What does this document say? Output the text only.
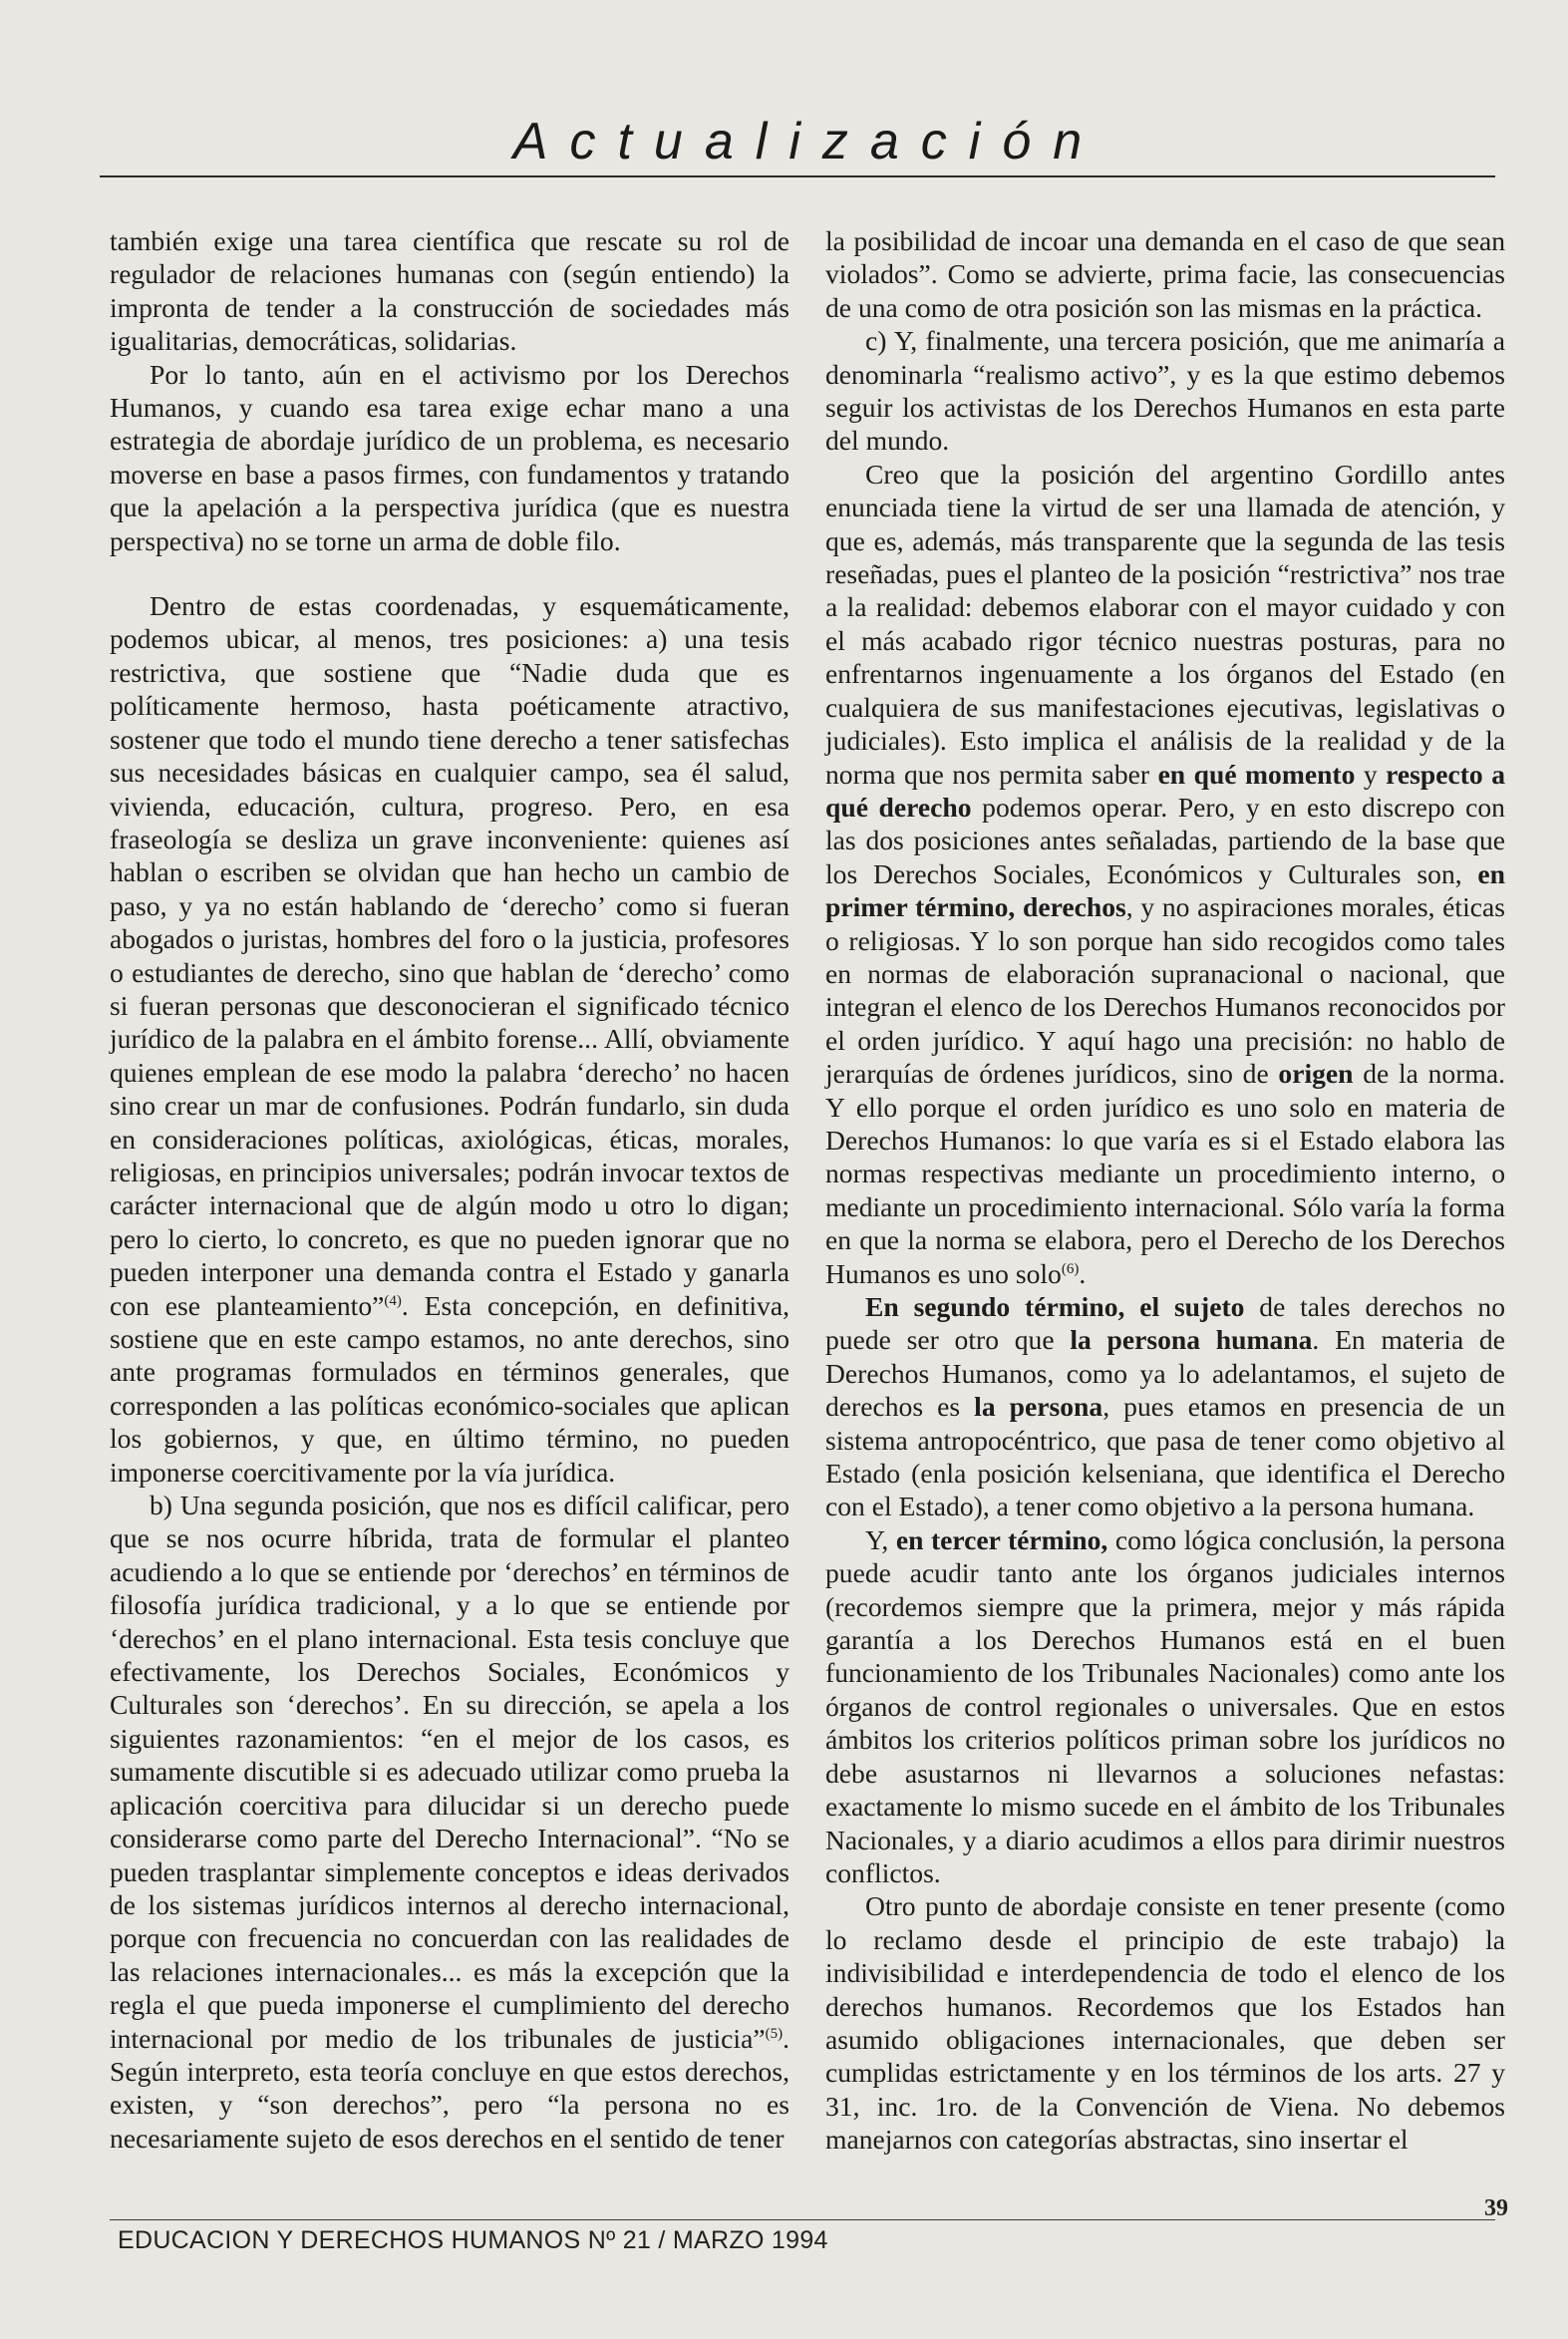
Actualización

también exige una tarea científica que rescate su rol de regulador de relaciones humanas con (según entiendo) la impronta de tender a la construcción de sociedades más igualitarias, democráticas, solidarias.

Por lo tanto, aún en el activismo por los Derechos Humanos, y cuando esa tarea exige echar mano a una estrategia de abordaje jurídico de un problema, es necesario moverse en base a pasos firmes, con fundamentos y tratando que la apelación a la perspectiva jurídica (que es nuestra perspectiva) no se torne un arma de doble filo.

Dentro de estas coordenadas, y esquemáticamente, podemos ubicar, al menos, tres posiciones: a) una tesis restrictiva, que sostiene que “Nadie duda que es políticamente hermoso, hasta poéticamente atractivo, sostener que todo el mundo tiene derecho a tener satisfechas sus necesidades básicas en cualquier campo, sea él salud, vivienda, educación, cultura, progreso. Pero, en esa fraseología se desliza un grave inconveniente: quienes así hablan o escriben se olvidan que han hecho un cambio de paso, y ya no están hablando de ‘derecho’ como si fueran abogados o juristas, hombres del foro o la justicia, profesores o estudiantes de derecho, sino que hablan de ‘derecho’ como si fueran personas que desconocieran el significado técnico jurídico de la palabra en el ámbito forense... Allí, obviamente quienes emplean de ese modo la palabra ‘derecho’ no hacen sino crear un mar de confusiones. Podrán fundarlo, sin duda en consideraciones políticas, axiológicas, éticas, morales, religiosas, en principios universales; podrán invocar textos de carácter internacional que de algún modo u otro lo digan; pero lo cierto, lo concreto, es que no pueden ignorar que no pueden interponer una demanda contra el Estado y ganarla con ese planteamiento”$^{(4)}$. Esta concepción, en definitiva, sostiene que en este campo estamos, no ante derechos, sino ante programas formulados en términos generales, que corresponden a las políticas económico-sociales que aplican los gobiernos, y que, en último término, no pueden imponerse coercitivamente por la vía jurídica.

b) Una segunda posición, que nos es difícil calificar, pero que se nos ocurre híbrida, trata de formular el planteo acudiendo a lo que se entiende por ‘derechos’ en términos de filosofía jurídica tradicional, y a lo que se entiende por ‘derechos’ en el plano internacional. Esta tesis concluye que efectivamente, los Derechos Sociales, Económicos y Culturales son ‘derechos’. En su dirección, se apela a los siguientes razonamientos: “en el mejor de los casos, es sumamente discutible si es adecuado utilizar como prueba la aplicación coercitiva para dilucidar si un derecho puede considerarse como parte del Derecho Internacional”. “No se pueden trasplantar simplemente conceptos e ideas derivados de los sistemas jurídicos internos al derecho internacional, porque con frecuencia no concuerdan con las realidades de las relaciones internacionales... es más la excepción que la regla el que pueda imponerse el cumplimiento del derecho internacional por medio de los tribunales de justicia”$^{(5)}$. Según interpreto, esta teoría concluye en que estos derechos, existen, y “son derechos”, pero “la persona no es necesariamente sujeto de esos derechos en el sentido de tener

la posibilidad de incoar una demanda en el caso de que sean violados”. Como se advierte, prima facie, las consecuencias de una como de otra posición son las mismas en la práctica.

c) Y, finalmente, una tercera posición, que me animaría a denominarla “realismo activo”, y es la que estimo debemos seguir los activistas de los Derechos Humanos en esta parte del mundo.

Creo que la posición del argentino Gordillo antes enunciada tiene la virtud de ser una llamada de atención, y que es, además, más transparente que la segunda de las tesis reseñadas, pues el planteo de la posición “restrictiva” nos trae a la realidad: debemos elaborar con el mayor cuidado y con el más acabado rigor técnico nuestras posturas, para no enfrentarnos ingenuamente a los órganos del Estado (en cualquiera de sus manifestaciones ejecutivas, legislativas o judiciales). Esto implica el análisis de la realidad y de la norma que nos permita saber en qué momento y respecto a qué derecho podemos operar. Pero, y en esto discrepo con las dos posiciones antes señaladas, partiendo de la base que los Derechos Sociales, Económicos y Culturales son, en primer término, derechos, y no aspiraciones morales, éticas o religiosas. Y lo son porque han sido recogidos como tales en normas de elaboración supranacional o nacional, que integran el elenco de los Derechos Humanos reconocidos por el orden jurídico. Y aquí hago una precisión: no hablo de jerarquías de órdenes jurídicos, sino de origen de la norma. Y ello porque el orden jurídico es uno solo en materia de Derechos Humanos: lo que varía es si el Estado elabora las normas respectivas mediante un procedimiento interno, o mediante un procedimiento internacional. Sólo varía la forma en que la norma se elabora, pero el Derecho de los Derechos Humanos es uno solo$^{(6)}$.

En segundo término, el sujeto de tales derechos no puede ser otro que la persona humana. En materia de Derechos Humanos, como ya lo adelantamos, el sujeto de derechos es la persona, pues etamos en presencia de un sistema antropocéntrico, que pasa de tener como objetivo al Estado (enla posición kelseniana, que identifica el Derecho con el Estado), a tener como objetivo a la persona humana.

Y, en tercer término, como lógica conclusión, la persona puede acudir tanto ante los órganos judiciales internos (recordemos siempre que la primera, mejor y más rápida garantía a los Derechos Humanos está en el buen funcionamiento de los Tribunales Nacionales) como ante los órganos de control regionales o universales. Que en estos ámbitos los criterios políticos priman sobre los jurídicos no debe asustarnos ni llevarnos a soluciones nefastas: exactamente lo mismo sucede en el ámbito de los Tribunales Nacionales, y a diario acudimos a ellos para dirimir nuestros conflictos.

Otro punto de abordaje consiste en tener presente (como lo reclamo desde el principio de este trabajo) la indivisibilidad e interdependencia de todo el elenco de los derechos humanos. Recordemos que los Estados han asumido obligaciones internacionales, que deben ser cumplidas estrictamente y en los términos de los arts. 27 y 31, inc. 1ro. de la Convención de Viena. No debemos manejarnos con categorías abstractas, sino insertar el

EDUCACION Y DERECHOS HUMANOS Nº 21 / MARZO 1994
39
